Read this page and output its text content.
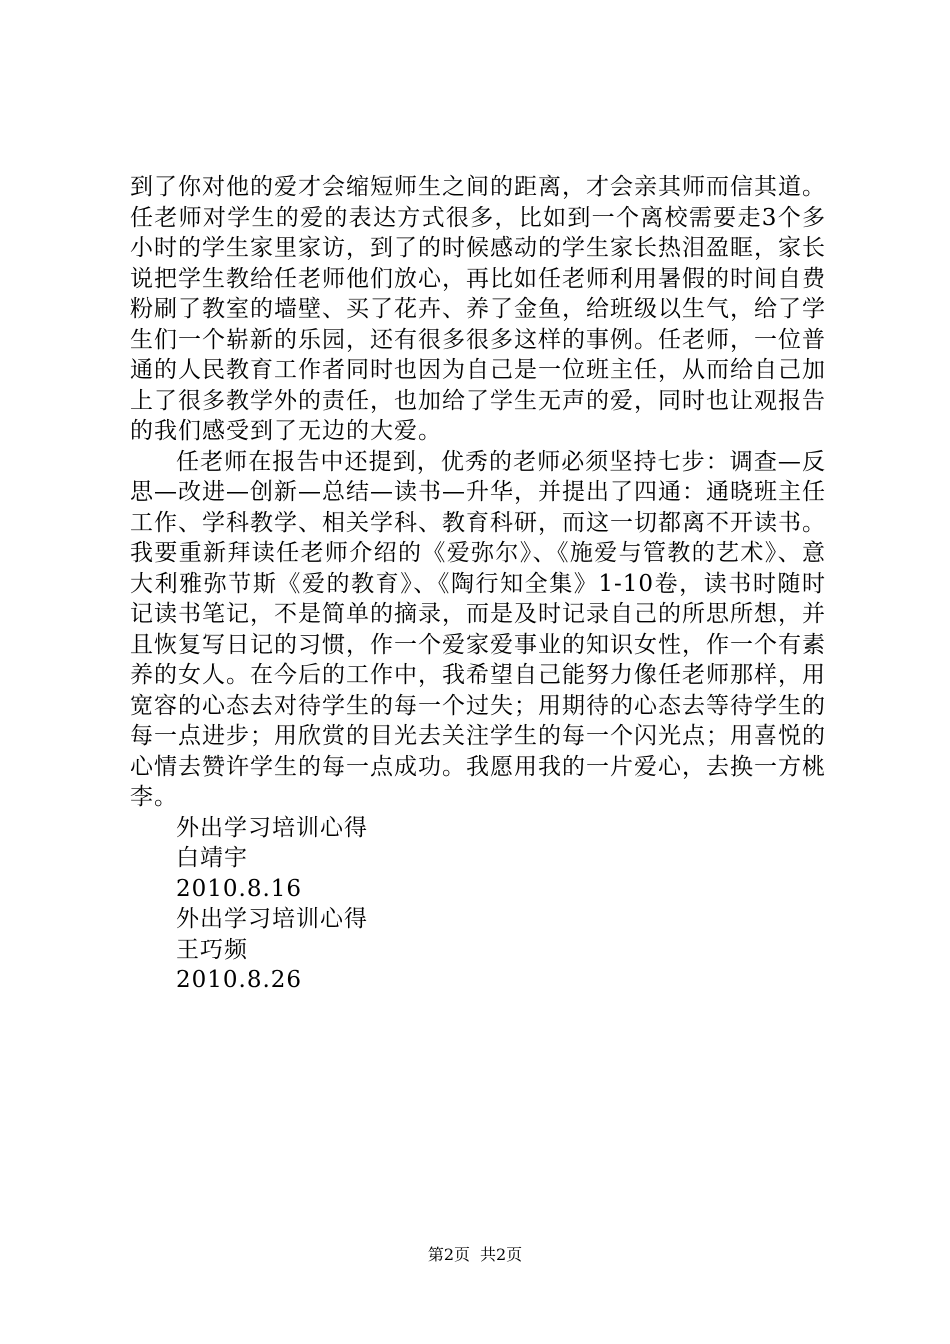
到了你对他的爱才会缩短师生之间的距离，才会亲其师而信其道。任老师对学生的爱的表达方式很多，比如到一个离校需要走3个多小时的学生家里家访，到了的时候感动的学生家长热泪盈眶，家长说把学生教给任老师他们放心，再比如任老师利用暑假的时间自费粉刷了教室的墙壁、买了花卉、养了金鱼，给班级以生气，给了学生们一个崭新的乐园，还有很多很多这样的事例。任老师，一位普通的人民教育工作者同时也因为自己是一位班主任，从而给自己加上了很多教学外的责任，也加给了学生无声的爱，同时也让观报告的我们感受到了无边的大爱。

任老师在报告中还提到，优秀的老师必须坚持七步：调查—反思—改进—创新—总结—读书—升华，并提出了四通：通晓班主任工作、学科教学、相关学科、教育科研，而这一切都离不开读书。我要重新拜读任老师介绍的《爱弥尔》、《施爱与管教的艺术》、意大利雅弥节斯《爱的教育》、《陶行知全集》1-10卷，读书时随时记读书笔记，不是简单的摘录，而是及时记录自己的所思所想，并且恢复写日记的习惯，作一个爱家爱事业的知识女性，作一个有素养的女人。在今后的工作中，我希望自己能努力像任老师那样，用宽容的心态去对待学生的每一个过失；用期待的心态去等待学生的每一点进步；用欣赏的目光去关注学生的每一个闪光点；用喜悦的心情去赞许学生的每一点成功。我愿用我的一片爱心，去换一方桃李。

外出学习培训心得

白靖宇

2010.8.16

外出学习培训心得

王巧频

2010.8.26

第2页 共2页
